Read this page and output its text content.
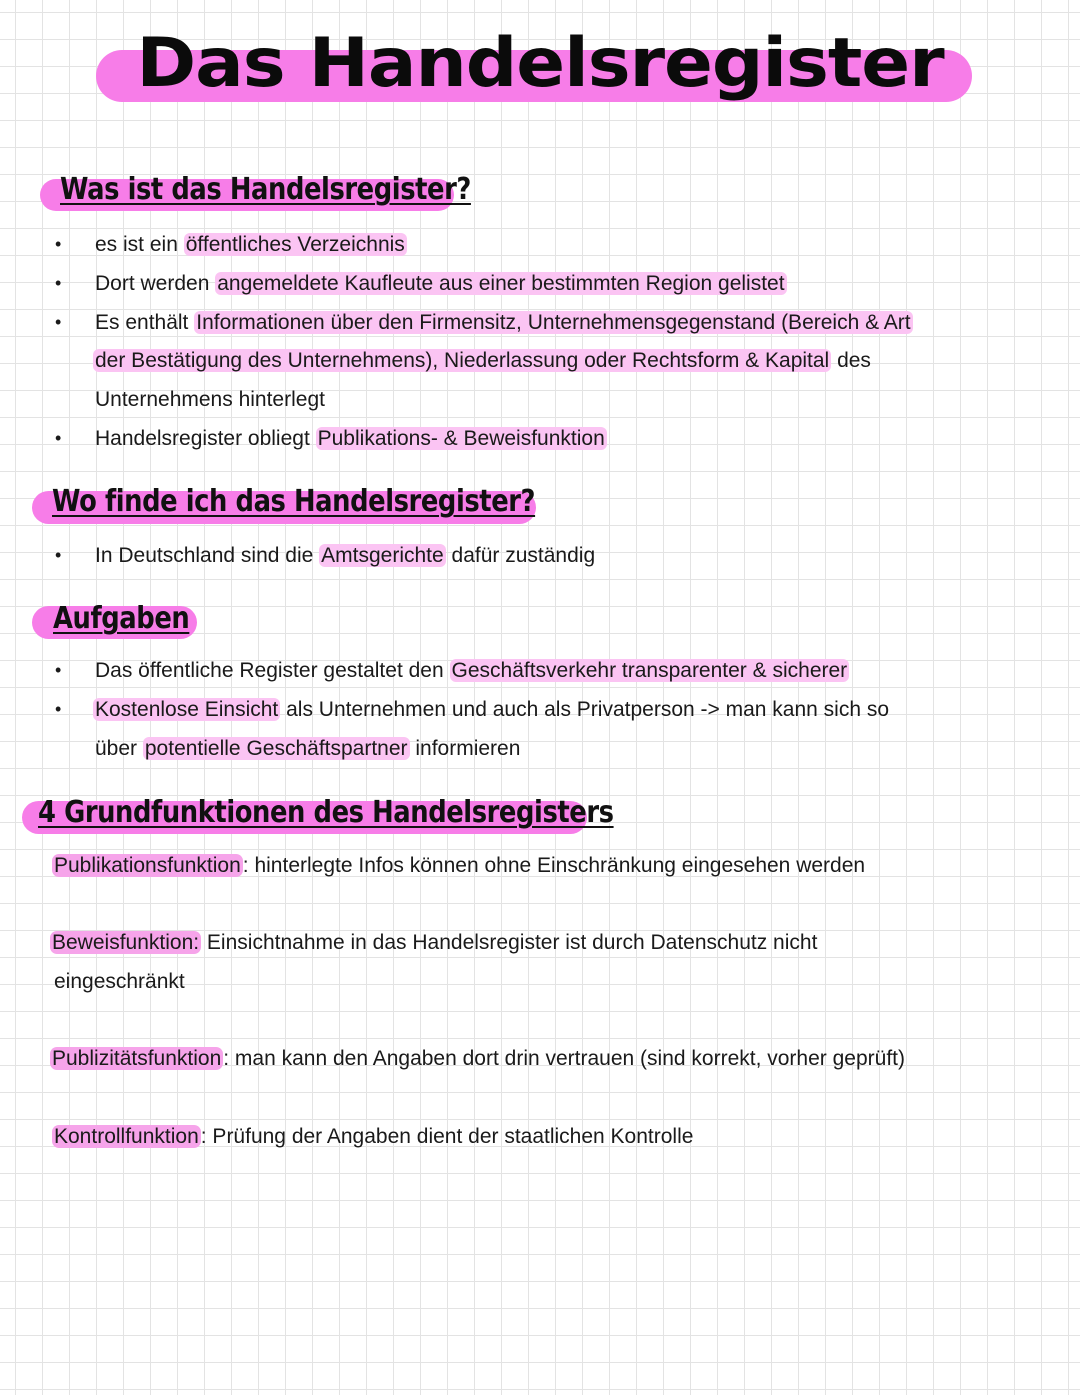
Das Handelsregister
Was ist das Handelsregister?
• es ist ein öffentliches Verzeichnis

• Dort werden angemeldete Kaufleute aus einer bestimmten Region gelistet

• Es enthält Informationen über den Firmensitz, Unternehmensgegenstand (Bereich & Art

der Bestätigung des Unternehmens), Niederlassung oder Rechtsform & Kapital des

Unternehmens hinterlegt

• Handelsregister obliegt Publikations- & Beweisfunktion

Wo finde ich das Handelsregister?
• In Deutschland sind die Amtsgerichte dafür zuständig

Aufgaben
• Das öffentliche Register gestaltet den Geschäftsverkehr transparenter & sicherer

• Kostenlose Einsicht als Unternehmen und auch als Privatperson -> man kann sich so

über potentielle Geschäftspartner informieren

4 Grundfunktionen des Handelsregisters

Publikationsfunktion: hinterlegte Infos können ohne Einschränkung eingesehen werden

Beweisfunktion: Einsichtnahme in das Handelsregister ist durch Datenschutz nicht

eingeschränkt

Publizitätsfunktion: man kann den Angaben dort drin vertrauen (sind korrekt, vorher geprüft)

Kontrollfunktion: Prüfung der Angaben dient der staatlichen Kontrolle
